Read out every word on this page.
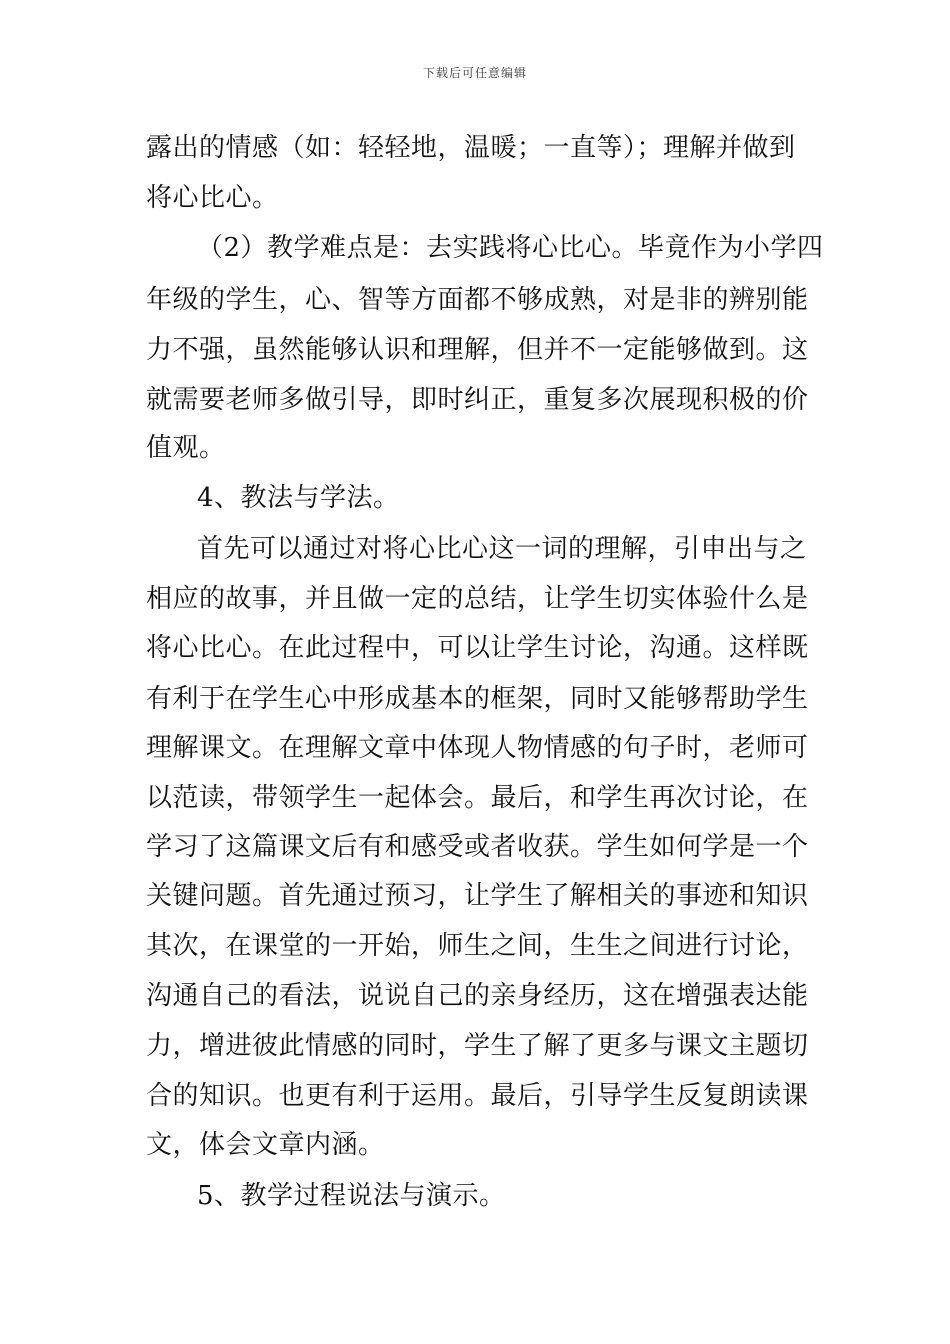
下载后可任意编辑
露出的情感（如：轻轻地，温暖；一直等）；理解并做到
将心比心。
（2）教学难点是：去实践将心比心。毕竟作为小学四
年级的学生，心、智等方面都不够成熟，对是非的辨别能
力不强，虽然能够认识和理解，但并不一定能够做到。这
就需要老师多做引导，即时纠正，重复多次展现积极的价
值观。
4、教法与学法。
首先可以通过对将心比心这一词的理解，引申出与之
相应的故事，并且做一定的总结，让学生切实体验什么是
将心比心。在此过程中，可以让学生讨论，沟通。这样既
有利于在学生心中形成基本的框架，同时又能够帮助学生
理解课文。在理解文章中体现人物情感的句子时，老师可
以范读，带领学生一起体会。最后，和学生再次讨论，在
学习了这篇课文后有和感受或者收获。学生如何学是一个
关键问题。首先通过预习，让学生了解相关的事迹和知识
其次，在课堂的一开始，师生之间，生生之间进行讨论，
沟通自己的看法，说说自己的亲身经历，这在增强表达能
力，增进彼此情感的同时，学生了解了更多与课文主题切
合的知识。也更有利于运用。最后，引导学生反复朗读课
文，体会文章内涵。
5、教学过程说法与演示。
